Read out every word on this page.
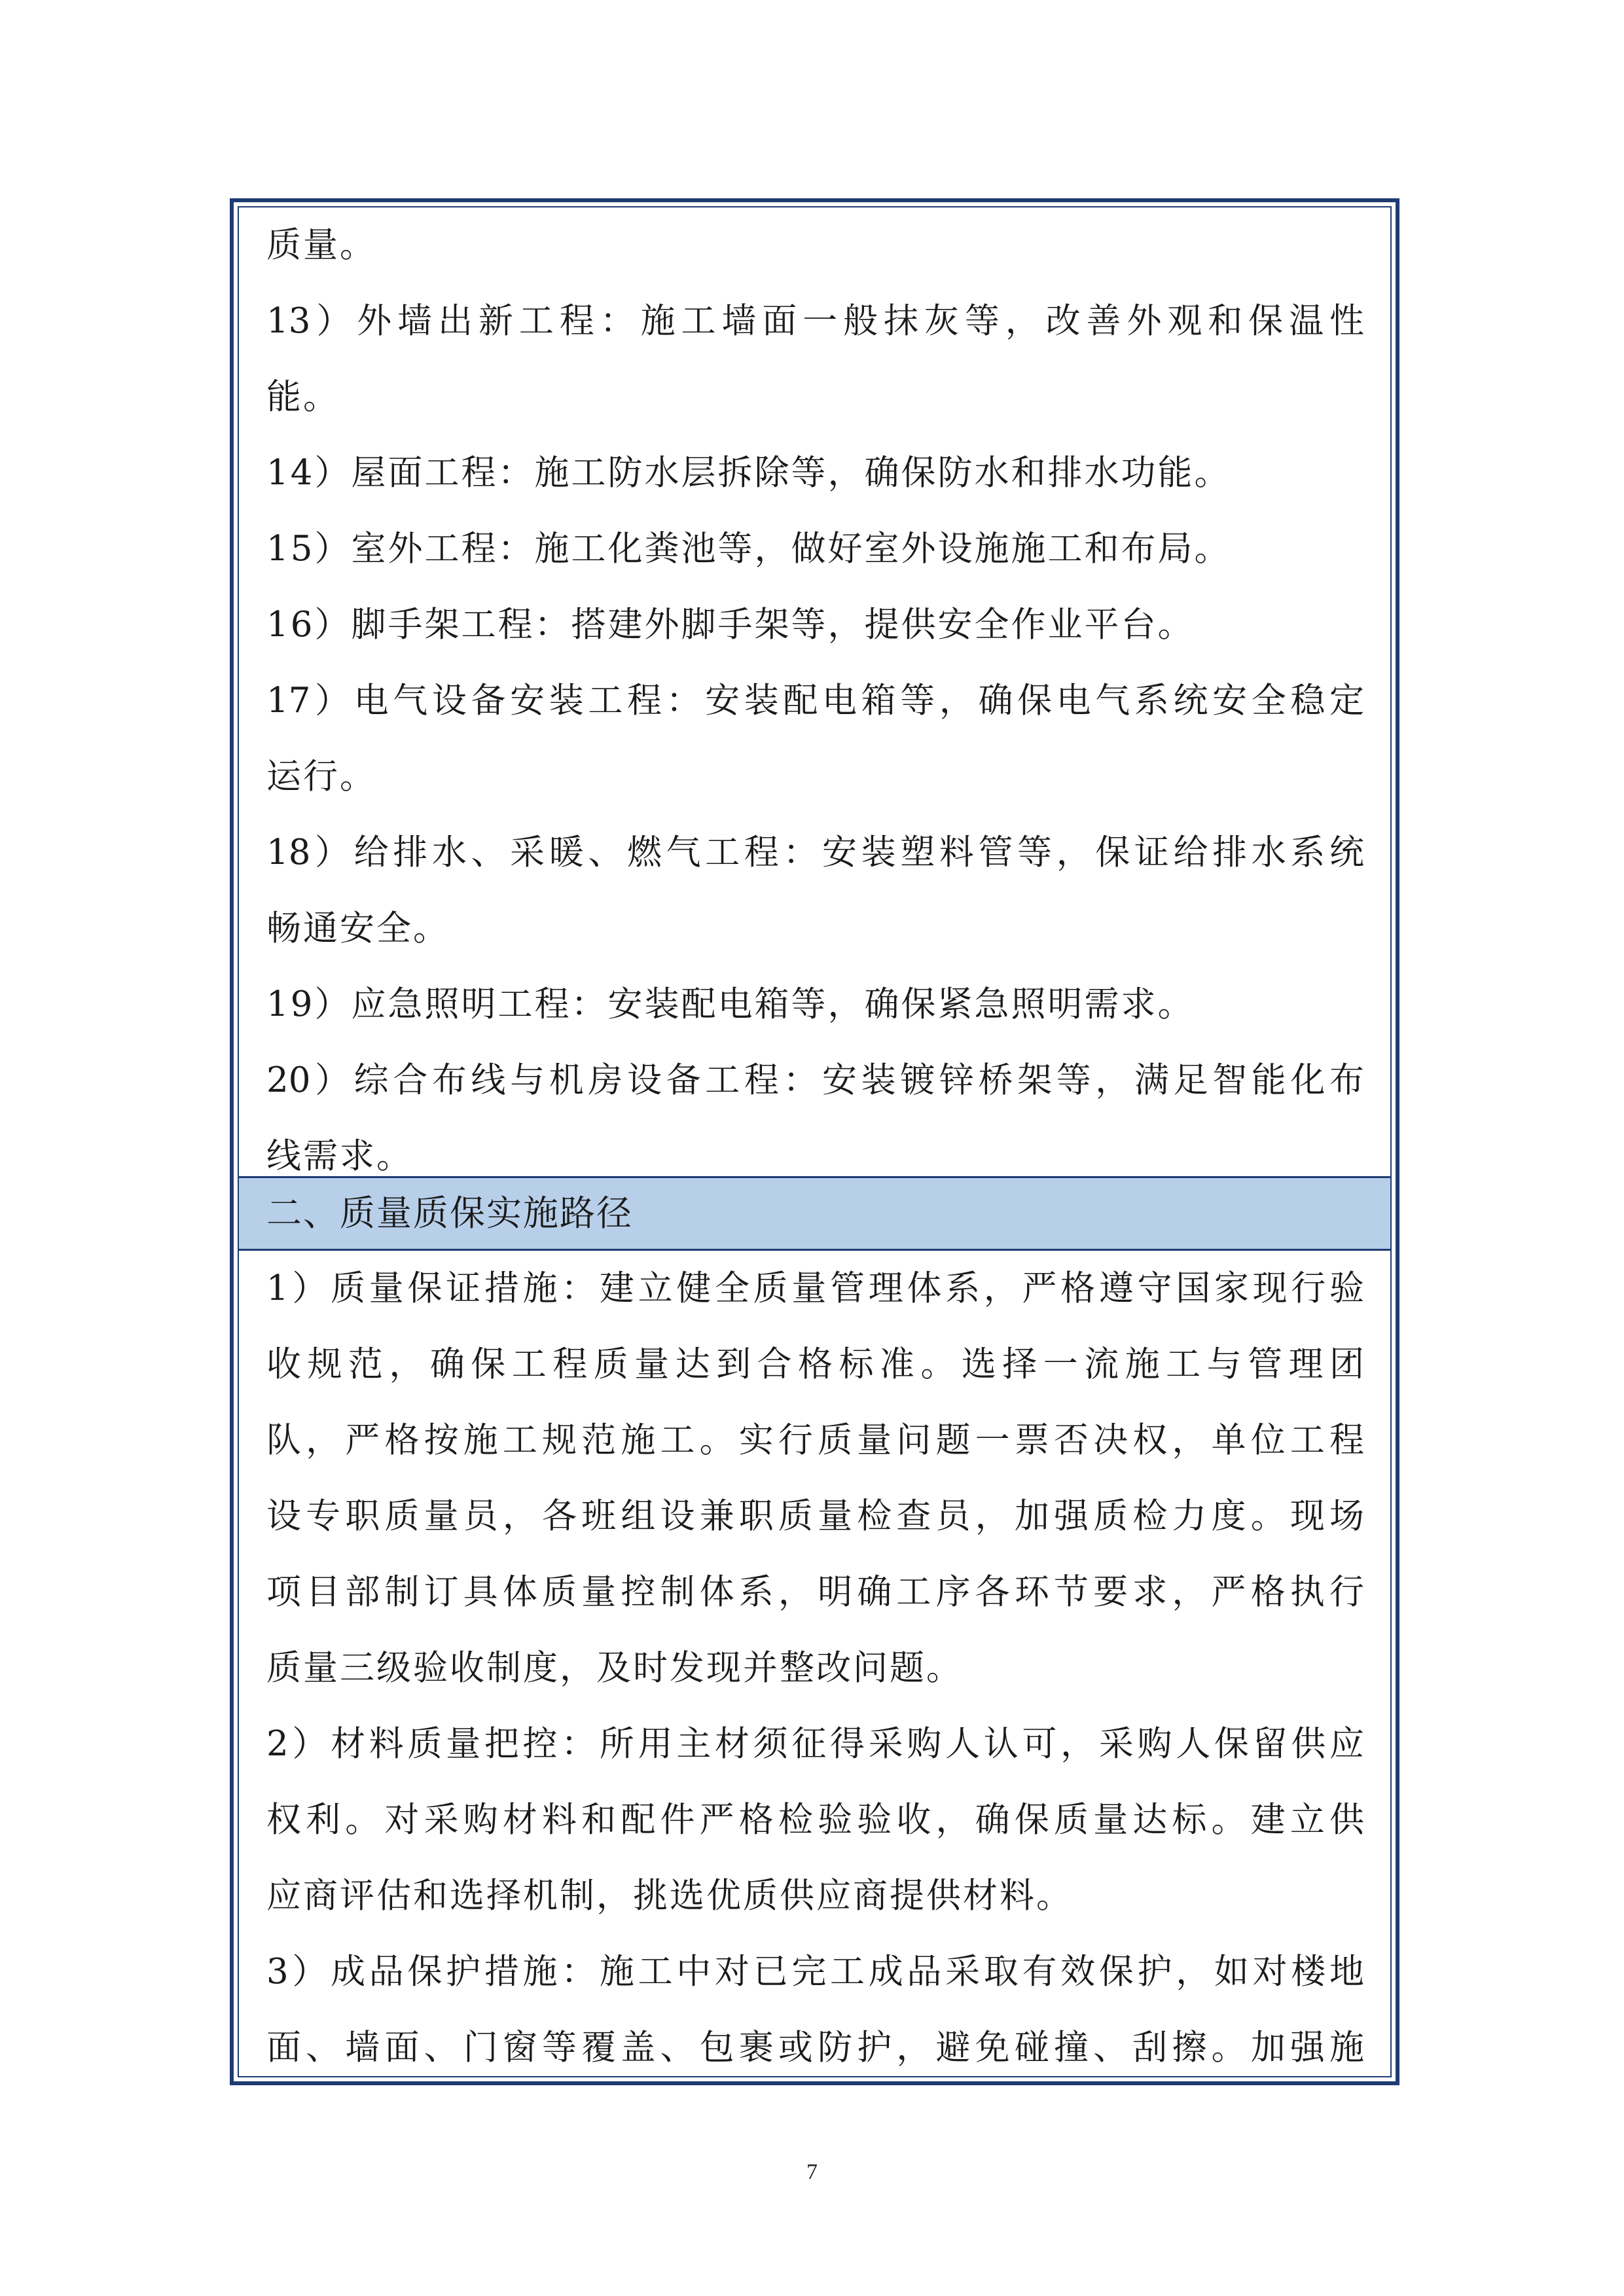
质量。
13）外墙出新工程：施工墙面一般抹灰等，改善外观和保温性
能。
14）屋面工程：施工防水层拆除等，确保防水和排水功能。
15）室外工程：施工化粪池等，做好室外设施施工和布局。
16）脚手架工程：搭建外脚手架等，提供安全作业平台。
17）电气设备安装工程：安装配电箱等，确保电气系统安全稳定
运行。
18）给排水、采暖、燃气工程：安装塑料管等，保证给排水系统
畅通安全。
19）应急照明工程：安装配电箱等，确保紧急照明需求。
20）综合布线与机房设备工程：安装镀锌桥架等，满足智能化布
线需求。
二、质量质保实施路径
1）质量保证措施：建立健全质量管理体系，严格遵守国家现行验
收规范，确保工程质量达到合格标准。选择一流施工与管理团
队，严格按施工规范施工。实行质量问题一票否决权，单位工程
设专职质量员，各班组设兼职质量检查员，加强质检力度。现场
项目部制订具体质量控制体系，明确工序各环节要求，严格执行
质量三级验收制度，及时发现并整改问题。
2）材料质量把控：所用主材须征得采购人认可，采购人保留供应
权利。对采购材料和配件严格检验验收，确保质量达标。建立供
应商评估和选择机制，挑选优质供应商提供材料。
3）成品保护措施：施工中对已完工成品采取有效保护，如对楼地
面、墙面、门窗等覆盖、包裹或防护，避免碰撞、刮擦。加强施
7
